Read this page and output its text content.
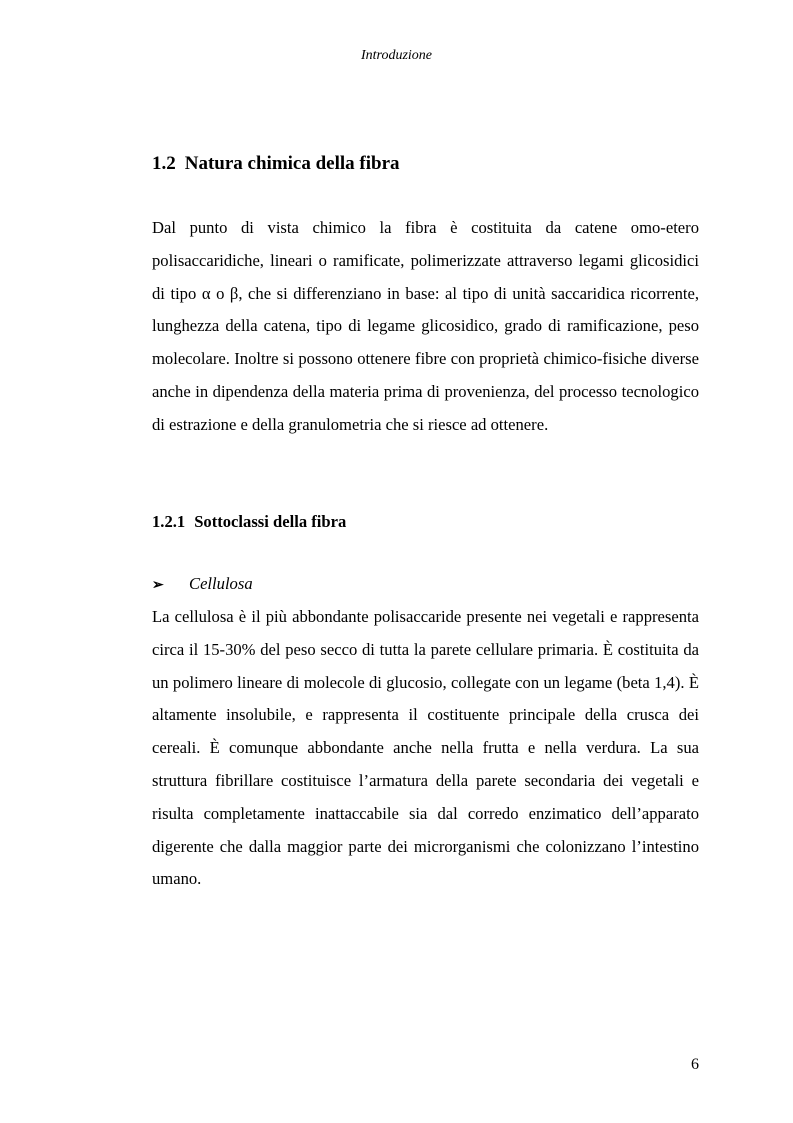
Introduzione
1.2 Natura chimica della fibra

Dal punto di vista chimico la fibra è costituita da catene omo-etero polisaccaridiche, lineari o ramificate, polimerizzate attraverso legami glicosidici di tipo α o β, che si differenziano in base: al tipo di unità saccaridica ricorrente, lunghezza della catena, tipo di legame glicosidico, grado di ramificazione, peso molecolare. Inoltre si possono ottenere fibre con proprietà chimico-fisiche diverse anche in dipendenza della materia prima di provenienza, del processo tecnologico di estrazione e della granulometria che si riesce ad ottenere.

1.2.1 Sottoclassi della fibra
➢ Cellulosa

La cellulosa è il più abbondante polisaccaride presente nei vegetali e rappresenta circa il 15-30% del peso secco di tutta la parete cellulare primaria. È costituita da un polimero lineare di molecole di glucosio, collegate con un legame (beta 1,4). È altamente insolubile, e rappresenta il costituente principale della crusca dei cereali. È comunque abbondante anche nella frutta e nella verdura. La sua struttura fibrillare costituisce l’armatura della parete secondaria dei vegetali e risulta completamente inattaccabile sia dal corredo enzimatico dell’apparato digerente che dalla maggior parte dei microrganismi che colonizzano l’intestino umano.

6
